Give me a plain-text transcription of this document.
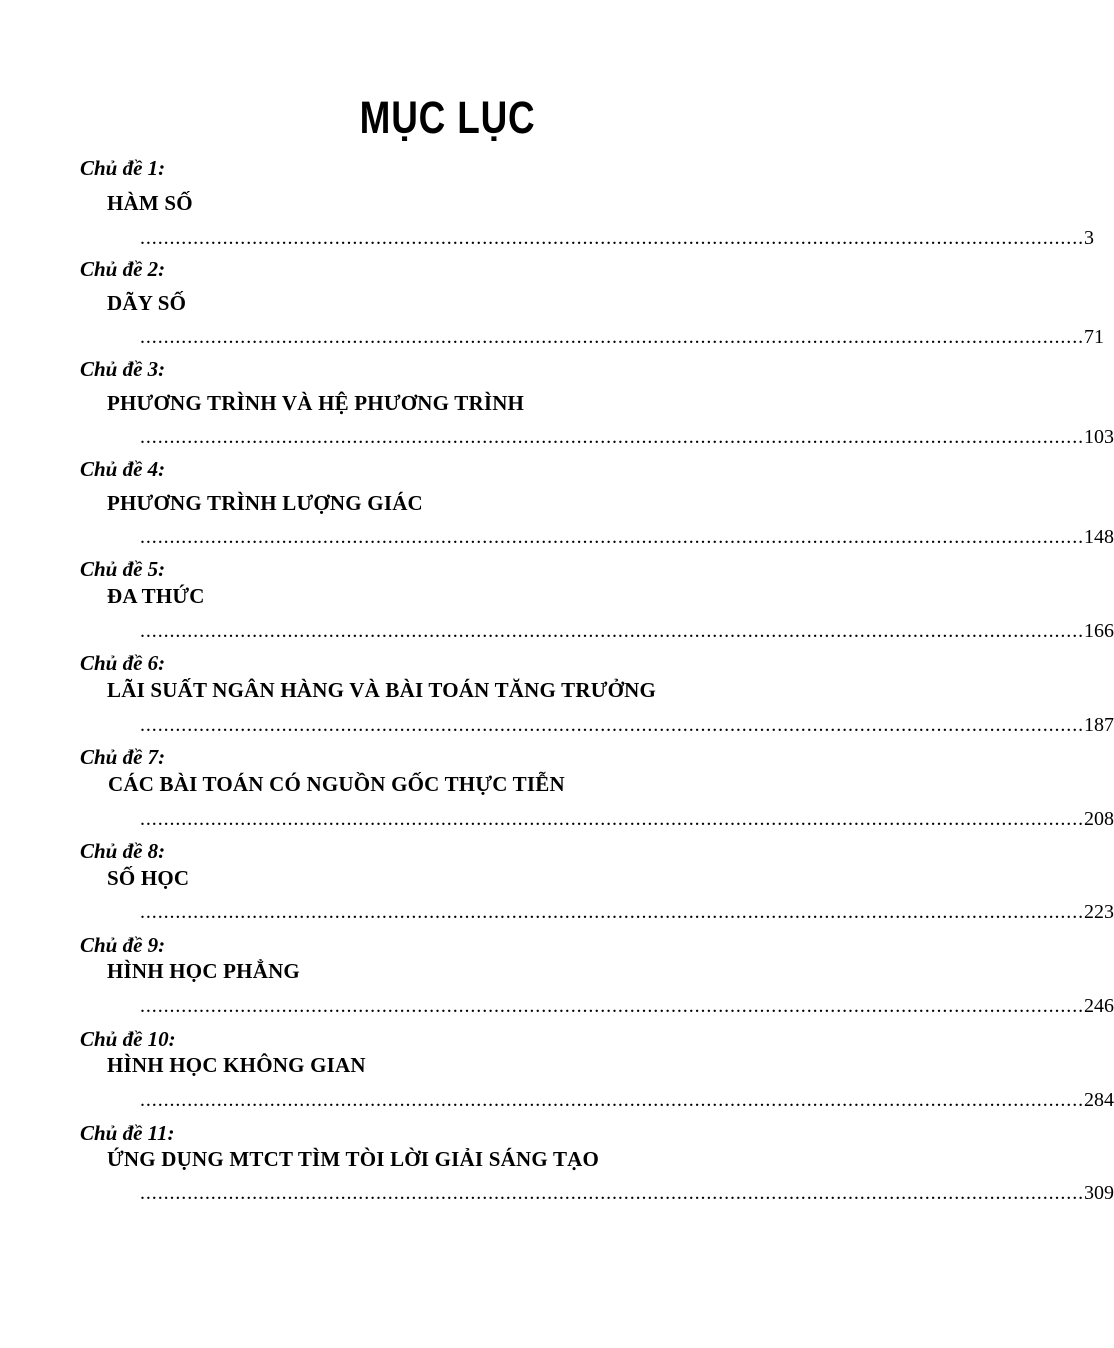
MỤC LỤC
Chủ đề 1:
HÀM SỐ
................................................................................................................................................................ 3
Chủ đề 2:
DÃY SỐ
................................................................................................................................................................ 71
Chủ đề 3:
PHƯƠNG TRÌNH VÀ HỆ PHƯƠNG TRÌNH
................................................................................................................................................................ 103
Chủ đề 4:
PHƯƠNG TRÌNH LƯỢNG GIÁC
................................................................................................................................................................ 148
Chủ đề 5:
ĐA THỨC
................................................................................................................................................................ 166
Chủ đề 6:
LÃI SUẤT NGÂN HÀNG VÀ BÀI TOÁN TĂNG TRƯỞNG
................................................................................................................................................................ 187
Chủ đề 7:
CÁC BÀI TOÁN CÓ NGUỒN GỐC THỰC TIỄN
................................................................................................................................................................ 208
Chủ đề 8:
SỐ HỌC
................................................................................................................................................................ 223
Chủ đề 9:
HÌNH HỌC PHẲNG
................................................................................................................................................................ 246
Chủ đề 10:
HÌNH HỌC KHÔNG GIAN
................................................................................................................................................................ 284
Chủ đề 11:
ỨNG DỤNG MTCT TÌM TÒI LỜI GIẢI SÁNG TẠO
................................................................................................................................................................ 309
